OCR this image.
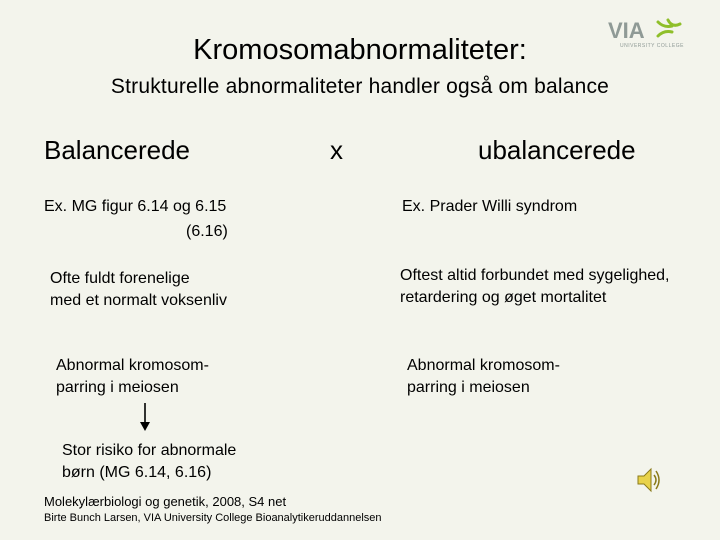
VIA
UNIVERSITY COLLEGE
Kromosomabnormaliteter:
Strukturelle abnormaliteter handler også om balance
Balancerede	x	ubalancerede
Ex. MG figur 6.14 og 6.15
(6.16)
Ex. Prader Willi syndrom
Ofte fuldt forenelige
med et normalt voksenliv
Oftest altid forbundet med sygelighed,
retardering og øget mortalitet
Abnormal kromosom-
parring i meiosen
Abnormal kromosom-
parring i meiosen
Stor risiko for abnormale
børn (MG 6.14, 6.16)
Molekylærbiologi og genetik, 2008, S4 net
Birte Bunch Larsen, VIA University College Bioanalytikeruddannelsen
